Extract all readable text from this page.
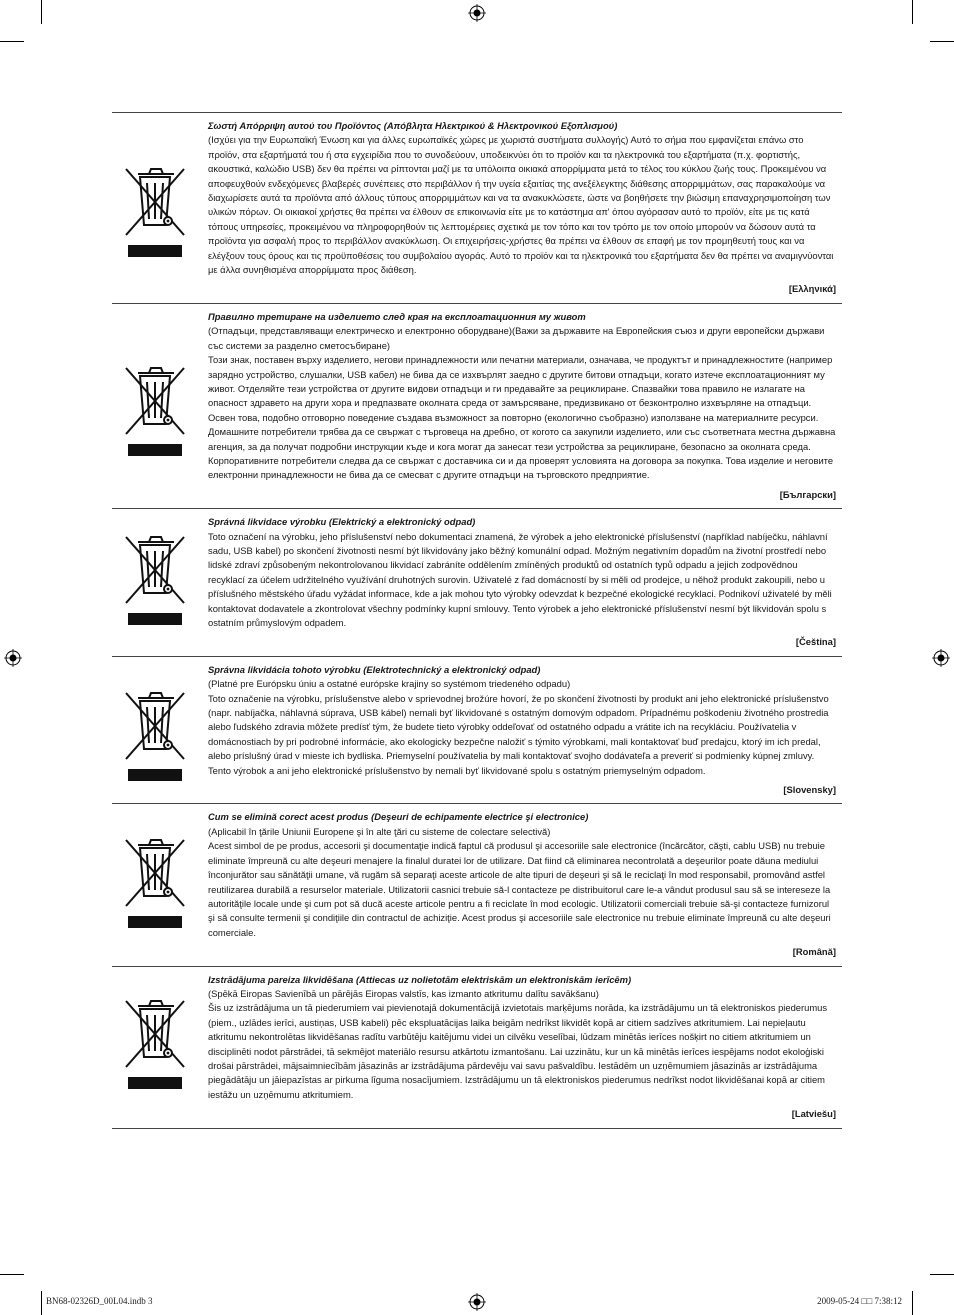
Σωστή Απόρριψη αυτού του Προϊόντος (Απόβλητα Ηλεκτρικού & Ηλεκτρονικού Εξοπλισμού)
(Ισχύει για την Ευρωπαϊκή Ένωση και για άλλες ευρωπαϊκές χώρες με χωριστά συστήματα συλλογής) Αυτό το σήμα που εμφανίζεται επάνω στο προϊόν, στα εξαρτήματά του ή στα εγχειρίδια που το συνοδεύουν, υποδεικνύει ότι το προϊόν και τα ηλεκτρονικά του εξαρτήματα (π.χ. φορτιστής, ακουστικά, καλώδιο USB) δεν θα πρέπει να ρίπτονται μαζί με τα υπόλοιπα οικιακά απορρίμματα μετά το τέλος του κύκλου ζωής τους. Προκειμένου να αποφευχθούν ενδεχόμενες βλαβερές συνέπειες στο περιβάλλον ή την υγεία εξαιτίας της ανεξέλεγκτης διάθεσης απορριμμάτων, σας παρακαλούμε να διαχωρίσετε αυτά τα προϊόντα από άλλους τύπους απορριμμάτων και να τα ανακυκλώσετε, ώστε να βοηθήσετε την βιώσιμη επαναχρησιμοποίηση των υλικών πόρων. Οι οικιακοί χρήστες θα πρέπει να έλθουν σε επικοινωνία είτε με το κατάστημα απ' όπου αγόρασαν αυτό το προϊόν, είτε με τις κατά τόπους υπηρεσίες, προκειμένου να πληροφορηθούν τις λεπτομέρειες σχετικά με τον τόπο και τον τρόπο με τον οποίο μπορούν να δώσουν αυτά τα προϊόντα για ασφαλή προς το περιβάλλον ανακύκλωση. Οι επιχειρήσεις-χρήστες θα πρέπει να έλθουν σε επαφή με τον προμηθευτή τους και να ελέγξουν τους όρους και τις προϋποθέσεις του συμβολαίου αγοράς. Αυτό το προϊόν και τα ηλεκτρονικά του εξαρτήματα δεν θα πρέπει να αναμιγνύονται με άλλα συνηθισμένα απορρίμματα προς διάθεση.
[Ελληνικά]
Правилно третиране на изделието след края на експлоатационния му живот
(Отпадъци, представляващи електрическо и електронно оборудване)(Важи за държавите на Европейския съюз и други европейски държави със системи за разделно сметосъбиране)
Този знак, поставен върху изделието, негови принадлежности или печатни материали, означава, че продуктът и принадлежностите (например зарядно устройство, слушалки, USB кабел) не бива да се изхвърлят заедно с другите битови отпадъци, когато изтече експлоатационният му живот. Отделяйте тези устройства от другите видови отпадъци и ги предавайте за рециклиране. Спазвайки това правило не излагате на опасност здравето на други хора и предпазвате околната среда от замърсяване, предизвикано от безконтролно изхвърляне на отпадъци. Освен това, подобно отговорно поведение създава възможност за повторно (екологично съобразно) използване на материалните ресурси. Домашните потребители трябва да се свържат с търговеца на дребно, от когото са закупили изделието, или със съответната местна държавна агенция, за да получат подробни инструкции къде и кога могат да занесат тези устройства за рециклиране, безопасно за околната среда. Корпоративните потребители следва да се свържат с доставчика си и да проверят условията на договора за покупка. Това изделие и неговите електронни принадлежности не бива да се смесват с другите отпадъци на търговското предприятие.
[Български]
Správná likvidace výrobku (Elektrický a elektronický odpad)
Toto označení na výrobku, jeho příslušenství nebo dokumentaci znamená, že výrobek a jeho elektronické příslušenství (například nabíječku, náhlavní sadu, USB kabel) po skončení životnosti nesmí být likvidovány jako běžný komunální odpad. Možným negativním dopadům na životní prostředí nebo lidské zdraví způsobeným nekontrolovanou likvidací zabráníte oddělením zmíněných produktů od ostatních typů odpadu a jejich zodpovědnou recyklací za účelem udržitelného využívání druhotných surovin. Uživatelé z řad domácností by si měli od prodejce, u něhož produkt zakoupili, nebo u příslušného městského úřadu vyžádat informace, kde a jak mohou tyto výrobky odevzdat k bezpečné ekologické recyklaci. Podnikoví uživatelé by měli kontaktovat dodavatele a zkontrolovat všechny podmínky kupní smlouvy. Tento výrobek a jeho elektronické příslušenství nesmí být likvidován spolu s ostatním průmyslovým odpadem.
[Čeština]
Správna likvidácia tohoto výrobku (Elektrotechnický a elektronický odpad)
(Platné pre Európsku úniu a ostatné európske krajiny so systémom triedeného odpadu)
Toto označenie na výrobku, príslušenstve alebo v sprievodnej brožúre hovorí, že po skončení životnosti by produkt ani jeho elektronické príslušenstvo (napr. nabíjačka, náhlavná súprava, USB kábel) nemali byť likvidované s ostatným domovým odpadom. Prípadnému poškodeniu životného prostredia alebo ľudského zdravia môžete predísť tým, že budete tieto výrobky oddeľovať od ostatného odpadu a vrátite ich na recykláciu. Používatelia v domácnostiach by pri podrobné informácie, ako ekologicky bezpečne naložiť s týmito výrobkami, mali kontaktovať buď predajcu, ktorý im ich predal, alebo príslušný úrad v mieste ich bydliska. Priemyselní používatelia by mali kontaktovať svojho dodávateľa a preveriť si podmienky kúpnej zmluvy. Tento výrobok a ani jeho elektronické príslušenstvo by nemali byť likvidované spolu s ostatným priemyselným odpadom.
[Slovensky]
Cum se elimină corect acest produs (Deşeuri de echipamente electrice şi electronice)
(Aplicabil în ţările Uniunii Europene şi în alte ţări cu sisteme de colectare selectivă)
Acest simbol de pe produs, accesorii şi documentaţie indică faptul că produsul şi accesoriile sale electronice (încărcător, căşti, cablu USB) nu trebuie eliminate împreună cu alte deşeuri menajere la finalul duratei lor de utilizare. Dat fiind că eliminarea necontrolată a deşeurilor poate dăuna mediului înconjurător sau sănătăţii umane, vă rugăm să separaţi aceste articole de alte tipuri de deşeuri şi să le reciclaţi în mod responsabil, promovând astfel reutilizarea durabilă a resurselor materiale. Utilizatorii casnici trebuie să-l contacteze pe distribuitorul care le-a vândut produsul sau să se intereseze la autorităţile locale unde şi cum pot să ducă aceste articole pentru a fi reciclate în mod ecologic. Utilizatorii comerciali trebuie să-şi contacteze furnizorul şi să consulte termenii şi condiţiile din contractul de achiziţie. Acest produs şi accesoriile sale electronice nu trebuie eliminate împreună cu alte deşeuri comerciale.
[Română]
Izstrādājuma pareiza likvidēšana (Attiecas uz nolietotām elektriskām un elektroniskām ierīcēm)
(Spēkā Eiropas Savienībā un pārējās Eiropas valstīs, kas izmanto atkritumu dalītu savākšanu)
Šis uz izstrādājuma un tā piederumiem vai pievienotajā dokumentācijā izvietotais marķējums norāda, ka izstrādājumu un tā elektroniskos piederumus (piem., uzlādes ierīci, austiņas, USB kabeli) pēc ekspluatācijas laika beigām nedrīkst likvidēt kopā ar citiem sadzīves atkritumiem. Lai nepieļautu atkritumu nekontrolētas likvidēšanas radītu varbūtēju kaitējumu videi un cilvēku veselībai, lūdzam minētās ierīces nošķirt no citiem atkritumiem un disciplinēti nodot pārstrādei, tā sekmējot materiālo resursu atkārtotu izmantošanu. Lai uzzinātu, kur un kā minētās ierīces iespējams nodot ekoloģiski drošai pārstrādei, mājsaimniecībām jāsazinās ar izstrādājuma pārdevēju vai savu pašvaldību. Iestādēm un uzņēmumiem jāsazinās ar izstrādājuma piegādātāju un jāiepazīstas ar pirkuma līguma nosacījumiem. Izstrādājumu un tā elektroniskos piederumus nedrīkst nodot likvidēšanai kopā ar citiem iestāžu un uzņēmumu atkritumiem.
[Latviešu]
BN68-02326D_00L04.indb 3	2009-05-24 □□ 7:38:12
